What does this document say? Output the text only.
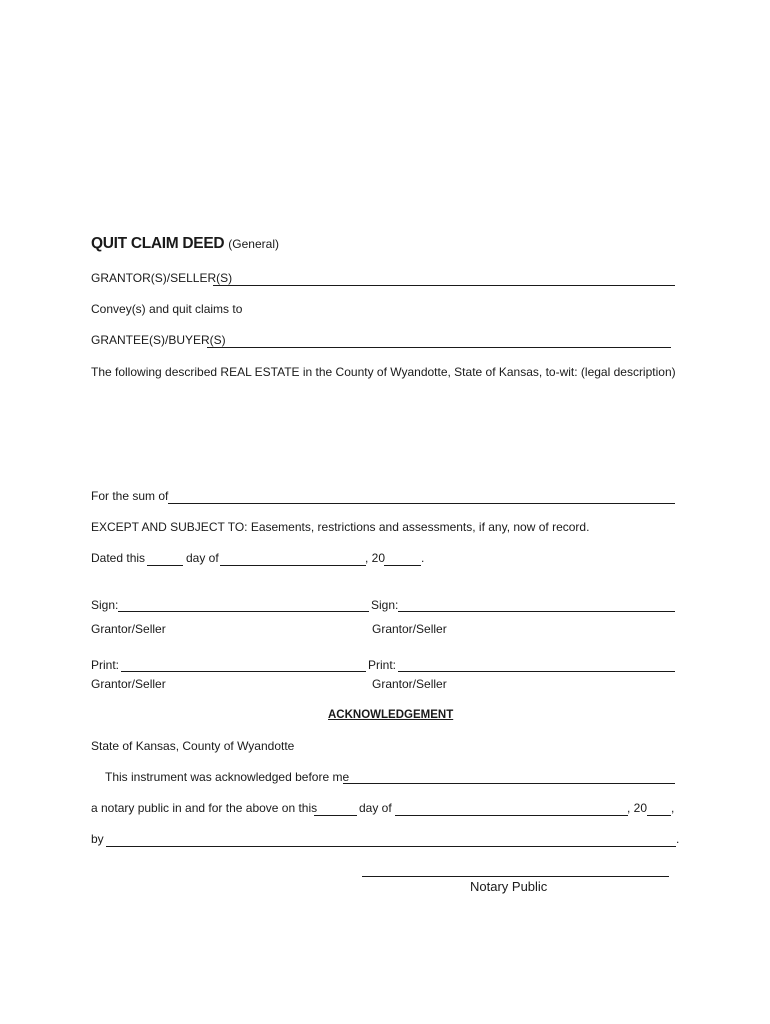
QUIT CLAIM DEED (General)
GRANTOR(S)/SELLER(S)
Convey(s) and quit claims to
GRANTEE(S)/BUYER(S)
The following described REAL ESTATE in the County of Wyandotte, State of Kansas, to-wit: (legal description)
For the sum of
EXCEPT AND SUBJECT TO: Easements, restrictions and assessments, if any, now of record.
Dated this	day of	, 20	.
Sign:	Sign:
Grantor/Seller	Grantor/Seller
Print:	Print:
Grantor/Seller	Grantor/Seller
ACKNOWLEDGEMENT
State of Kansas, County of Wyandotte
This instrument was acknowledged before me
a notary public in and for the above on this	day of	, 20 ,
by	.
Notary Public
